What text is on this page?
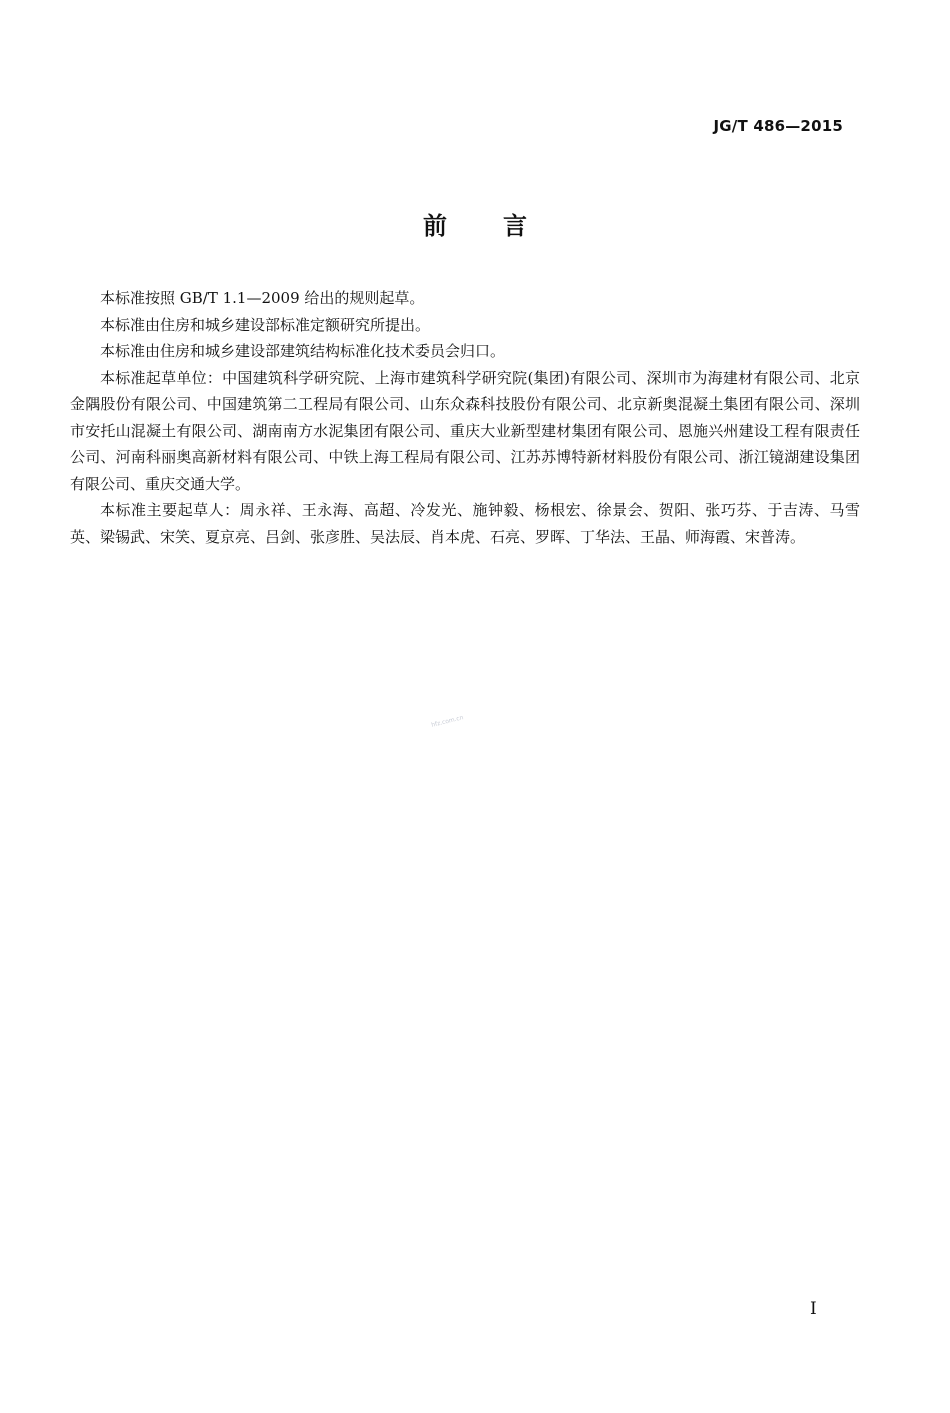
JG/T 486—2015
前 言

本标准按照 GB/T 1.1—2009 给出的规则起草。

本标准由住房和城乡建设部标准定额研究所提出。

本标准由住房和城乡建设部建筑结构标准化技术委员会归口。

本标准起草单位：中国建筑科学研究院、上海市建筑科学研究院(集团)有限公司、深圳市为海建材有限公司、北京金隅股份有限公司、中国建筑第二工程局有限公司、山东众森科技股份有限公司、北京新奥混凝土集团有限公司、深圳市安托山混凝土有限公司、湖南南方水泥集团有限公司、重庆大业新型建材集团有限公司、恩施兴州建设工程有限责任公司、河南科丽奥高新材料有限公司、中铁上海工程局有限公司、江苏苏博特新材料股份有限公司、浙江镜湖建设集团有限公司、重庆交通大学。

本标准主要起草人：周永祥、王永海、高超、冷发光、施钟毅、杨根宏、徐景会、贺阳、张巧芬、于吉涛、马雪英、梁锡武、宋笑、夏京亮、吕剑、张彦胜、吴法辰、肖本虎、石亮、罗晖、丁华法、王晶、师海霞、宋普涛。

hfz.com.cn
I
